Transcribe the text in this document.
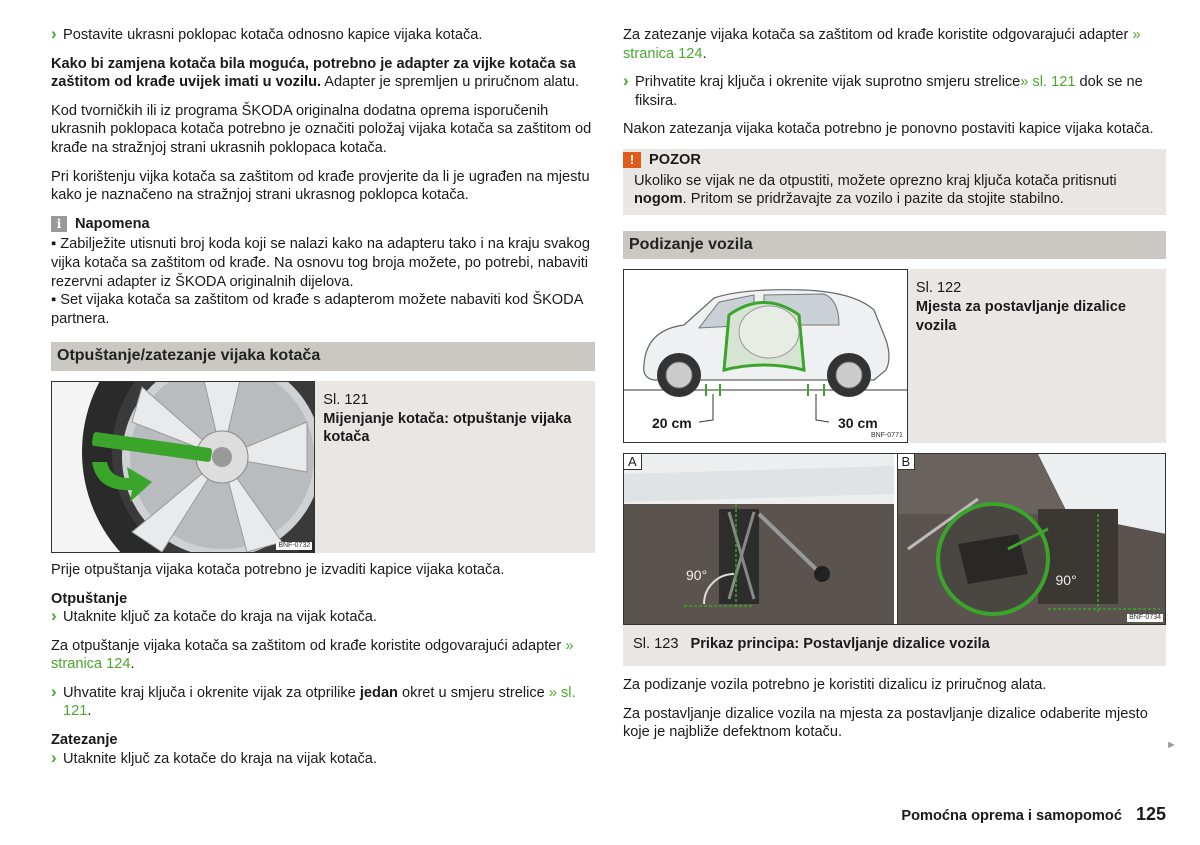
› Postavite ukrasni poklopac kotača odnosno kapice vijaka kotača.

Kako bi zamjena kotača bila moguća, potrebno je adapter za vijke kotača sa zaštitom od krađe uvijek imati u vozilu. Adapter je spremljen u priručnom alatu.

Kod tvorničkih ili iz programa ŠKODA originalna dodatna oprema isporučenih ukrasnih poklopaca kotača potrebno je označiti položaj vijaka kotača sa zaštitom od krađe na stražnjoj strani ukrasnih poklopaca kotača.

Pri korištenju vijka kotača sa zaštitom od krađe provjerite da li je ugrađen na mjestu kako je naznačeno na stražnjoj strani ukrasnog poklopca kotača.

i Napomena

▪ Zabilježite utisnuti broj koda koji se nalazi kako na adapteru tako i na kraju svakog vijka kotača sa zaštitom od krađe. Na osnovu tog broja možete, po potrebi, nabaviti rezervni adapter iz ŠKODA originalnih dijelova.

▪ Set vijaka kotača sa zaštitom od krađe s adapterom možete nabaviti kod ŠKODA partnera.

Otpuštanje/zatezanje vijaka kotača
BNF-0732
Sl. 121
Mijenjanje kotača: otpuštanje vijaka kotača

Prije otpuštanja vijaka kotača potrebno je izvaditi kapice vijaka kotača.

Otpuštanje

› Utaknite ključ za kotače do kraja na vijak kotača.

Za otpuštanje vijaka kotača sa zaštitom od krađe koristite odgovarajući adapter » stranica 124.

› Uhvatite kraj ključa i okrenite vijak za otprilike jedan okret u smjeru strelice » sl. 121.

Zatezanje

› Utaknite ključ za kotače do kraja na vijak kotača.

Za zatezanje vijaka kotača sa zaštitom od krađe koristite odgovarajući adapter » stranica 124.

› Prihvatite kraj ključa i okrenite vijak suprotno smjeru strelice» sl. 121 dok se ne fiksira.

Nakon zatezanja vijaka kotača potrebno je ponovno postaviti kapice vijaka kotača.

!	POZOR
Ukoliko se vijak ne da otpustiti, možete oprezno kraj ključa kotača pritisnuti nogom. Pritom se pridržavajte za vozilo i pazite da stojite stabilno.
Podizanje vozila
20 cm	30 cm
BNF-0771
Sl. 122
Mjesta za postavljanje dizalice vozila
A
90°
B
90°
BNF-0734
Sl. 123 Prikaz principa: Postavljanje dizalice vozila

Za podizanje vozila potrebno je koristiti dizalicu iz priručnog alata.

Za postavljanje dizalice vozila na mjesta za postavljanje dizalice odaberite mjesto koje je najbliže defektnom kotaču.

►
Pomoćna oprema i samopomoć 125
